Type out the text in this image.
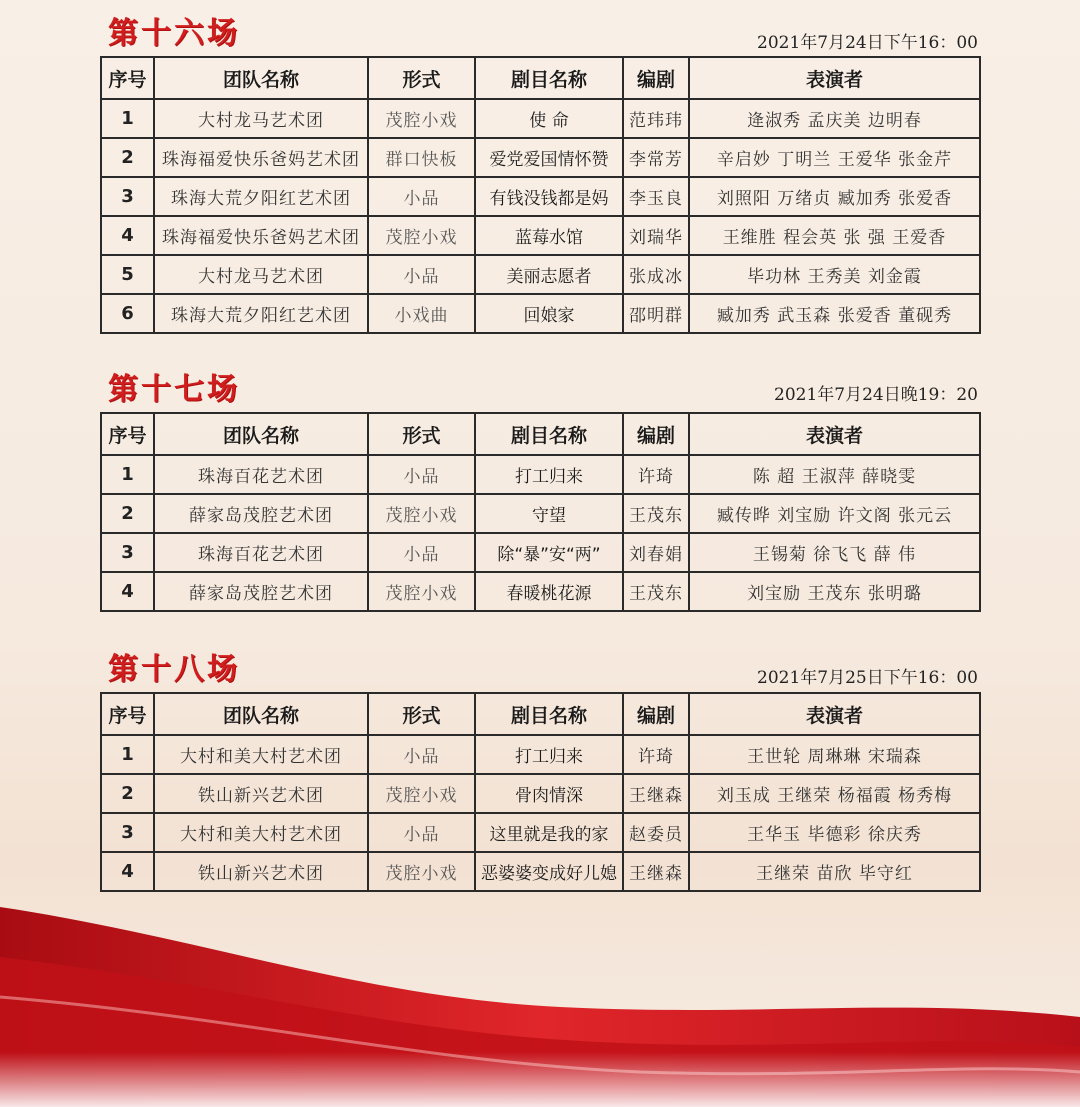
第十六场	2021年7月24日下午16：00
序号	团队名称	形式	剧目名称	编剧	表演者
1	大村龙马艺术团	茂腔小戏	使 命	范玮玮	逄淑秀 孟庆美 边明春
2	珠海福爱快乐爸妈艺术团	群口快板	爱党爱国情怀赞	李常芳	辛启妙 丁明兰 王爱华 张金芹
3	珠海大荒夕阳红艺术团	小品	有钱没钱都是妈	李玉良	刘照阳 万绪贞 臧加秀 张爱香
4	珠海福爱快乐爸妈艺术团	茂腔小戏	蓝莓水馆	刘瑞华	王维胜 程会英 张 强 王爱香
5	大村龙马艺术团	小品	美丽志愿者	张成冰	毕功林 王秀美 刘金霞
6	珠海大荒夕阳红艺术团	小戏曲	回娘家	邵明群	臧加秀 武玉森 张爱香 董砚秀
第十七场	2021年7月24日晚19：20
序号	团队名称	形式	剧目名称	编剧	表演者
1	珠海百花艺术团	小品	打工归来	许琦	陈 超 王淑萍 薛晓雯
2	薛家岛茂腔艺术团	茂腔小戏	守望	王茂东	臧传晔 刘宝励 许文阁 张元云
3	珠海百花艺术团	小品	除“暴”安“两”	刘春娟	王锡菊 徐飞飞 薛 伟
4	薛家岛茂腔艺术团	茂腔小戏	春暖桃花源	王茂东	刘宝励 王茂东 张明璐
第十八场	2021年7月25日下午16：00
序号	团队名称	形式	剧目名称	编剧	表演者
1	大村和美大村艺术团	小品	打工归来	许琦	王世轮 周琳琳 宋瑞森
2	铁山新兴艺术团	茂腔小戏	骨肉情深	王继森	刘玉成 王继荣 杨福霞 杨秀梅
3	大村和美大村艺术团	小品	这里就是我的家	赵委员	王华玉 毕德彩 徐庆秀
4	铁山新兴艺术团	茂腔小戏	恶婆婆变成好儿媳	王继森	王继荣 苗欣 毕守红
